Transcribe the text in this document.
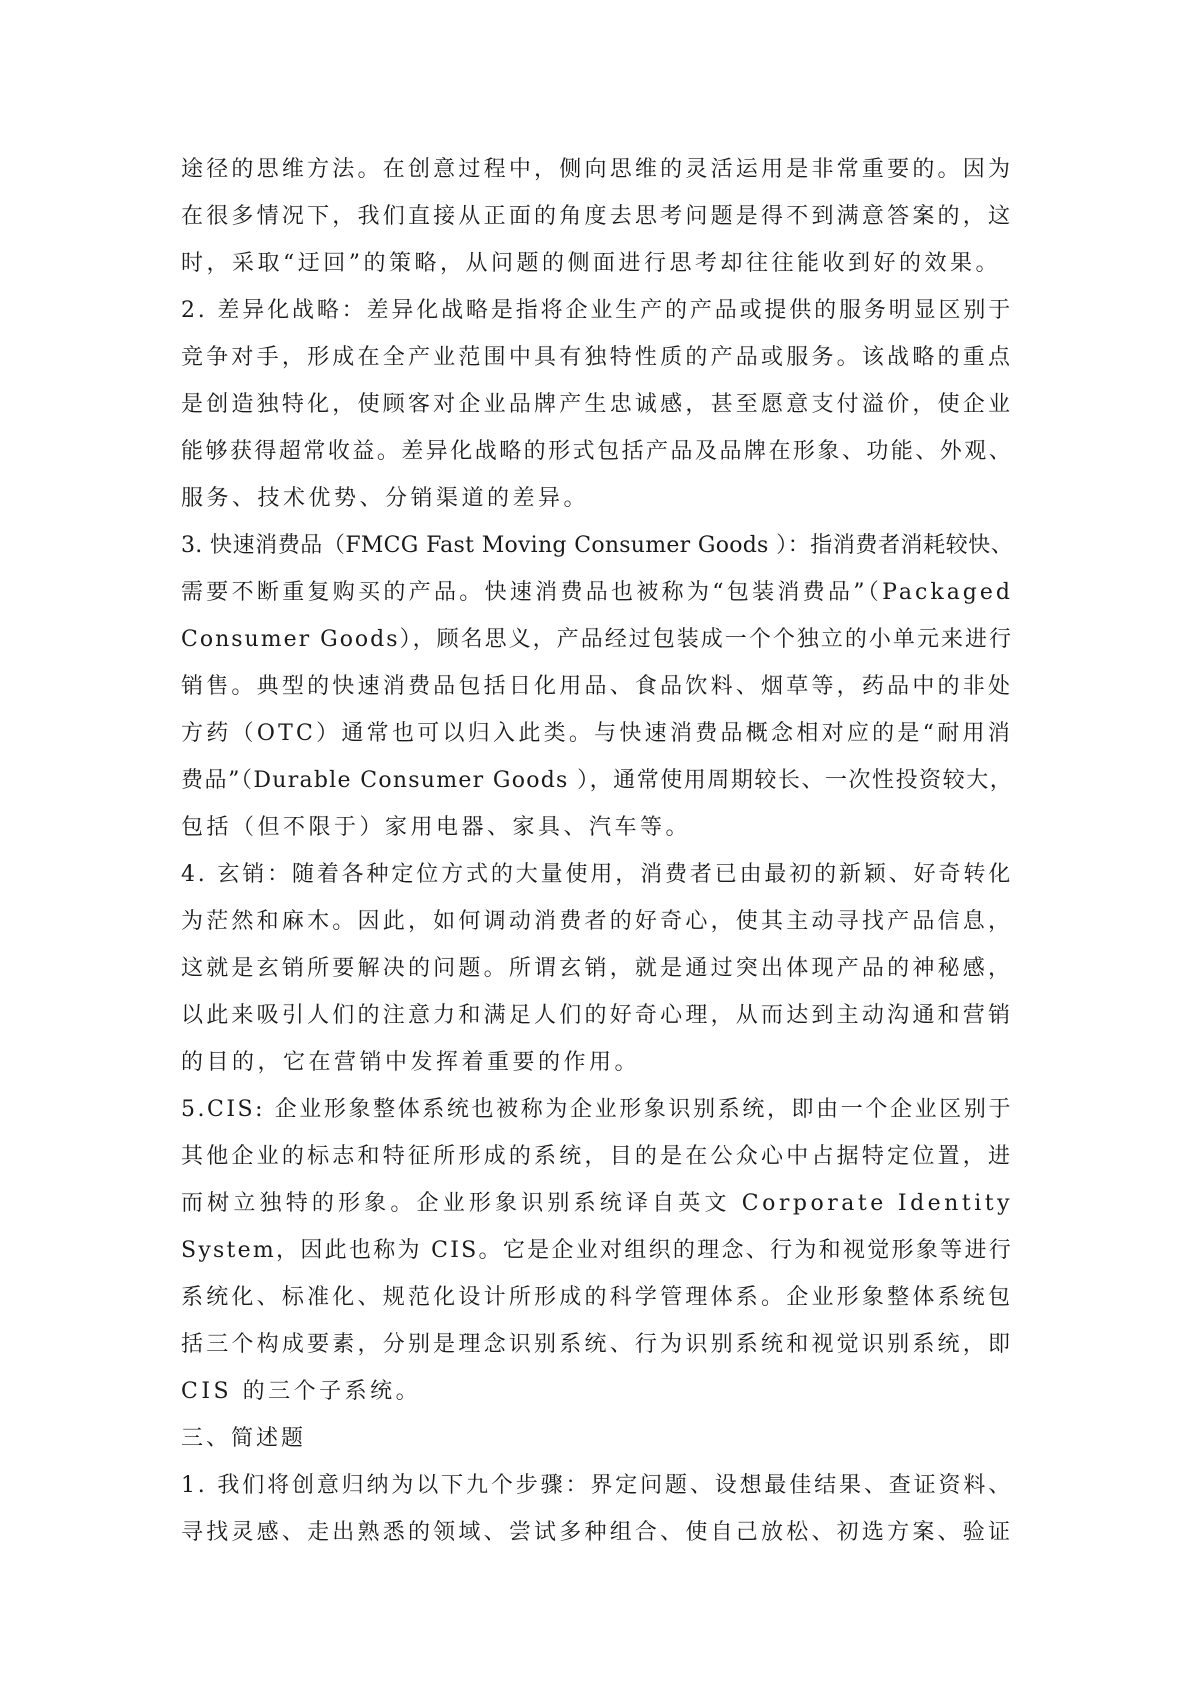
途径的思维方法。在创意过程中，侧向思维的灵活运用是非常重要的。因为
在很多情况下，我们直接从正面的角度去思考问题是得不到满意答案的，这
时，采取“迂回”的策略，从问题的侧面进行思考却往往能收到好的效果。
2. 差异化战略：差异化战略是指将企业生产的产品或提供的服务明显区别于
竞争对手，形成在全产业范围中具有独特性质的产品或服务。该战略的重点
是创造独特化，使顾客对企业品牌产生忠诚感，甚至愿意支付溢价，使企业
能够获得超常收益。差异化战略的形式包括产品及品牌在形象、功能、外观、
服务、技术优势、分销渠道的差异。
3. 快速消费品（FMCG Fast Moving Consumer Goods ）：指消费者消耗较快、
需要不断重复购买的产品。快速消费品也被称为“包装消费品”（Packaged
Consumer Goods），顾名思义，产品经过包装成一个个独立的小单元来进行
销售。典型的快速消费品包括日化用品、食品饮料、烟草等，药品中的非处
方药（OTC）通常也可以归入此类。与快速消费品概念相对应的是“耐用消
费品”（Durable Consumer Goods ），通常使用周期较长、一次性投资较大，
包括（但不限于）家用电器、家具、汽车等。
4. 玄销：随着各种定位方式的大量使用，消费者已由最初的新颖、好奇转化
为茫然和麻木。因此，如何调动消费者的好奇心，使其主动寻找产品信息，
这就是玄销所要解决的问题。所谓玄销，就是通过突出体现产品的神秘感，
以此来吸引人们的注意力和满足人们的好奇心理，从而达到主动沟通和营销
的目的，它在营销中发挥着重要的作用。
5.CIS: 企业形象整体系统也被称为企业形象识别系统，即由一个企业区别于
其他企业的标志和特征所形成的系统，目的是在公众心中占据特定位置，进
而树立独特的形象。企业形象识别系统译自英文 Corporate Identity
System，因此也称为 CIS。它是企业对组织的理念、行为和视觉形象等进行
系统化、标准化、规范化设计所形成的科学管理体系。企业形象整体系统包
括三个构成要素，分别是理念识别系统、行为识别系统和视觉识别系统，即
CIS 的三个子系统。
三、简述题
1. 我们将创意归纳为以下九个步骤：界定问题、设想最佳结果、查证资料、
寻找灵感、走出熟悉的领域、尝试多种组合、使自己放松、初选方案、验证
